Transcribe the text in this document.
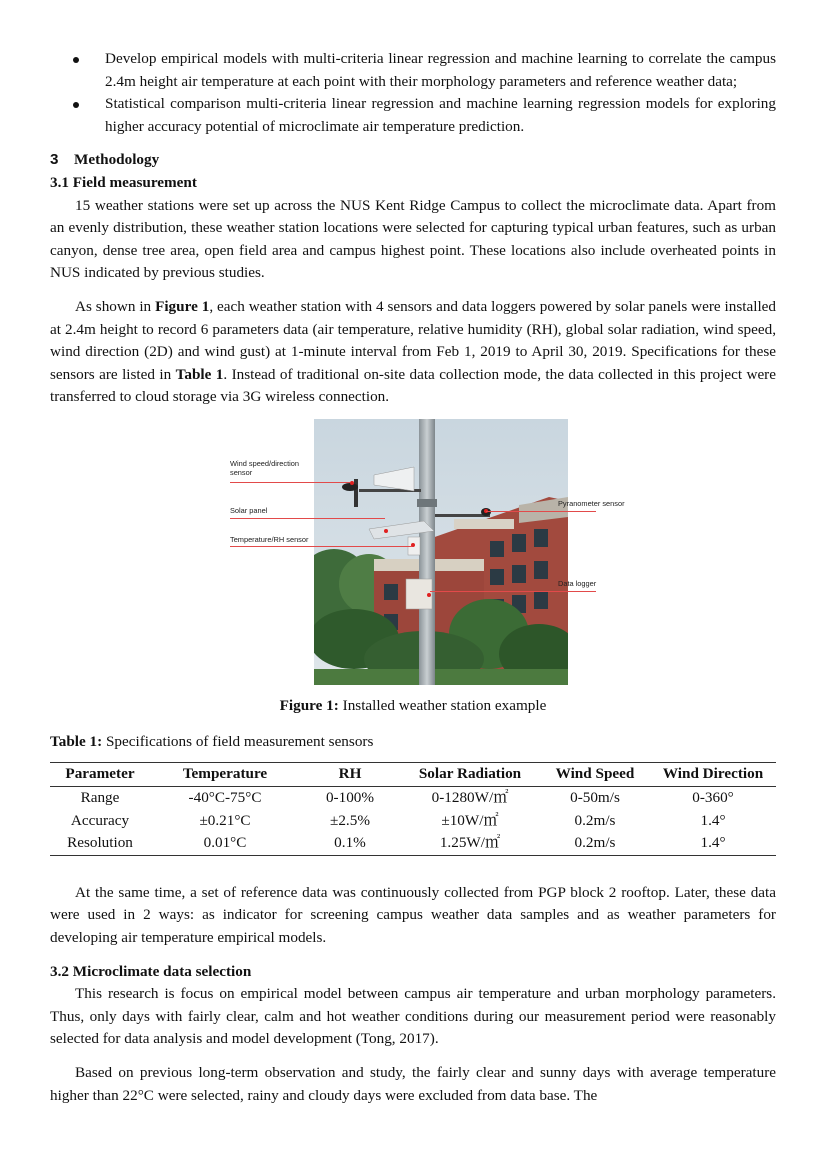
Develop empirical models with multi-criteria linear regression and machine learning to correlate the campus 2.4m height air temperature at each point with their morphology parameters and reference weather data;
Statistical comparison multi-criteria linear regression and machine learning regression models for exploring higher accuracy potential of microclimate air temperature prediction.
3 Methodology
3.1 Field measurement

15 weather stations were set up across the NUS Kent Ridge Campus to collect the microclimate data. Apart from an evenly distribution, these weather station locations were selected for capturing typical urban features, such as urban canyon, dense tree area, open field area and campus highest point. These locations also include overheated points in NUS indicated by previous studies.

As shown in Figure 1, each weather station with 4 sensors and data loggers powered by solar panels were installed at 2.4m height to record 6 parameters data (air temperature, relative humidity (RH), global solar radiation, wind speed, wind direction (2D) and wind gust) at 1-minute interval from Feb 1, 2019 to April 30, 2019. Specifications for these sensors are listed in Table 1. Instead of traditional on-site data collection mode, the data collected in this project were transferred to cloud storage via 3G wireless connection.

Wind speed/direction sensor
Solar panel
Temperature/RH sensor
Pyranometer sensor
Data logger

Figure 1: Installed weather station example

Table 1: Specifications of field measurement sensors

Parameter	Temperature	RH	Solar Radiation	Wind Speed	Wind Direction
Range	-40°C-75°C	0-100%	0-1280W/㎡	0-50m/s	0-360°
Accuracy	±0.21°C	±2.5%	±10W/㎡	0.2m/s	1.4°
Resolution	0.01°C	0.1%	1.25W/㎡	0.2m/s	1.4°

At the same time, a set of reference data was continuously collected from PGP block 2 rooftop. Later, these data were used in 2 ways: as indicator for screening campus weather data samples and as weather parameters for developing air temperature empirical models.

3.2 Microclimate data selection

This research is focus on empirical model between campus air temperature and urban morphology parameters. Thus, only days with fairly clear, calm and hot weather conditions during our measurement period were reasonably selected for data analysis and model development (Tong, 2017).

Based on previous long-term observation and study, the fairly clear and sunny days with average temperature higher than 22°C were selected, rainy and cloudy days were excluded from data base. The
